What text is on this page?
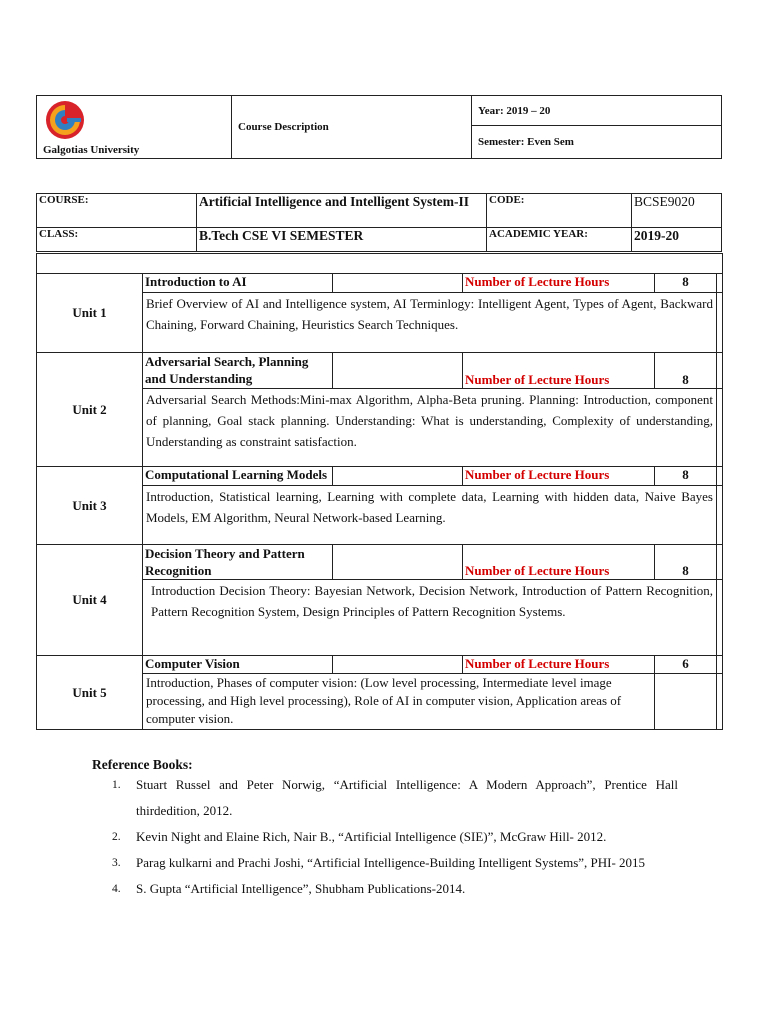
Galgotias University
	Course Description	Year: 2019 – 20
Semester: Even Sem
COURSE:	Artificial Intelligence and Intelligent System-II	CODE:	BCSE9020
CLASS:	B.Tech CSE VI SEMESTER	ACADEMIC YEAR:	2019-20

Unit 1	Introduction to AI		Number of Lecture Hours	8	
	Brief Overview of AI and Intelligence system, AI Terminlogy: Intelligent Agent, Types of Agent, Backward Chaining, Forward Chaining, Heuristics Search Techniques.				
Unit 2	Adversarial Search, Planning and Understanding		Number of Lecture Hours	8	
	Adversarial Search Methods:Mini-max Algorithm, Alpha-Beta pruning. Planning: Introduction, component of planning, Goal stack planning. Understanding: What is understanding, Complexity of understanding, Understanding as constraint satisfaction.				
Unit 3	Computational Learning Models		Number of Lecture Hours	8	
	Introduction, Statistical learning, Learning with complete data, Learning with hidden data, Naive Bayes Models, EM Algorithm, Neural Network-based Learning.				
Unit 4	Decision Theory and Pattern Recognition		Number of Lecture Hours	8	
	Introduction Decision Theory: Bayesian Network, Decision Network, Introduction of Pattern Recognition, Pattern Recognition System, Design Principles of Pattern Recognition Systems.				
Unit 5	Computer Vision		Number of Lecture Hours	6	
	Introduction, Phases of computer vision: (Low level processing, Intermediate level image processing, and High level processing), Role of AI in computer vision, Application areas of computer vision.				
Reference Books:
1.	Stuart Russel and Peter Norwig, “Artificial Intelligence: A Modern Approach”, Prentice Hall thirdedition, 2012.
2.	Kevin Night and Elaine Rich, Nair B., “Artificial Intelligence (SIE)”, McGraw Hill- 2012.
3.	Parag kulkarni and Prachi Joshi, “Artificial Intelligence-Building Intelligent Systems”, PHI- 2015
4.	S. Gupta “Artificial Intelligence”, Shubham Publications-2014.
